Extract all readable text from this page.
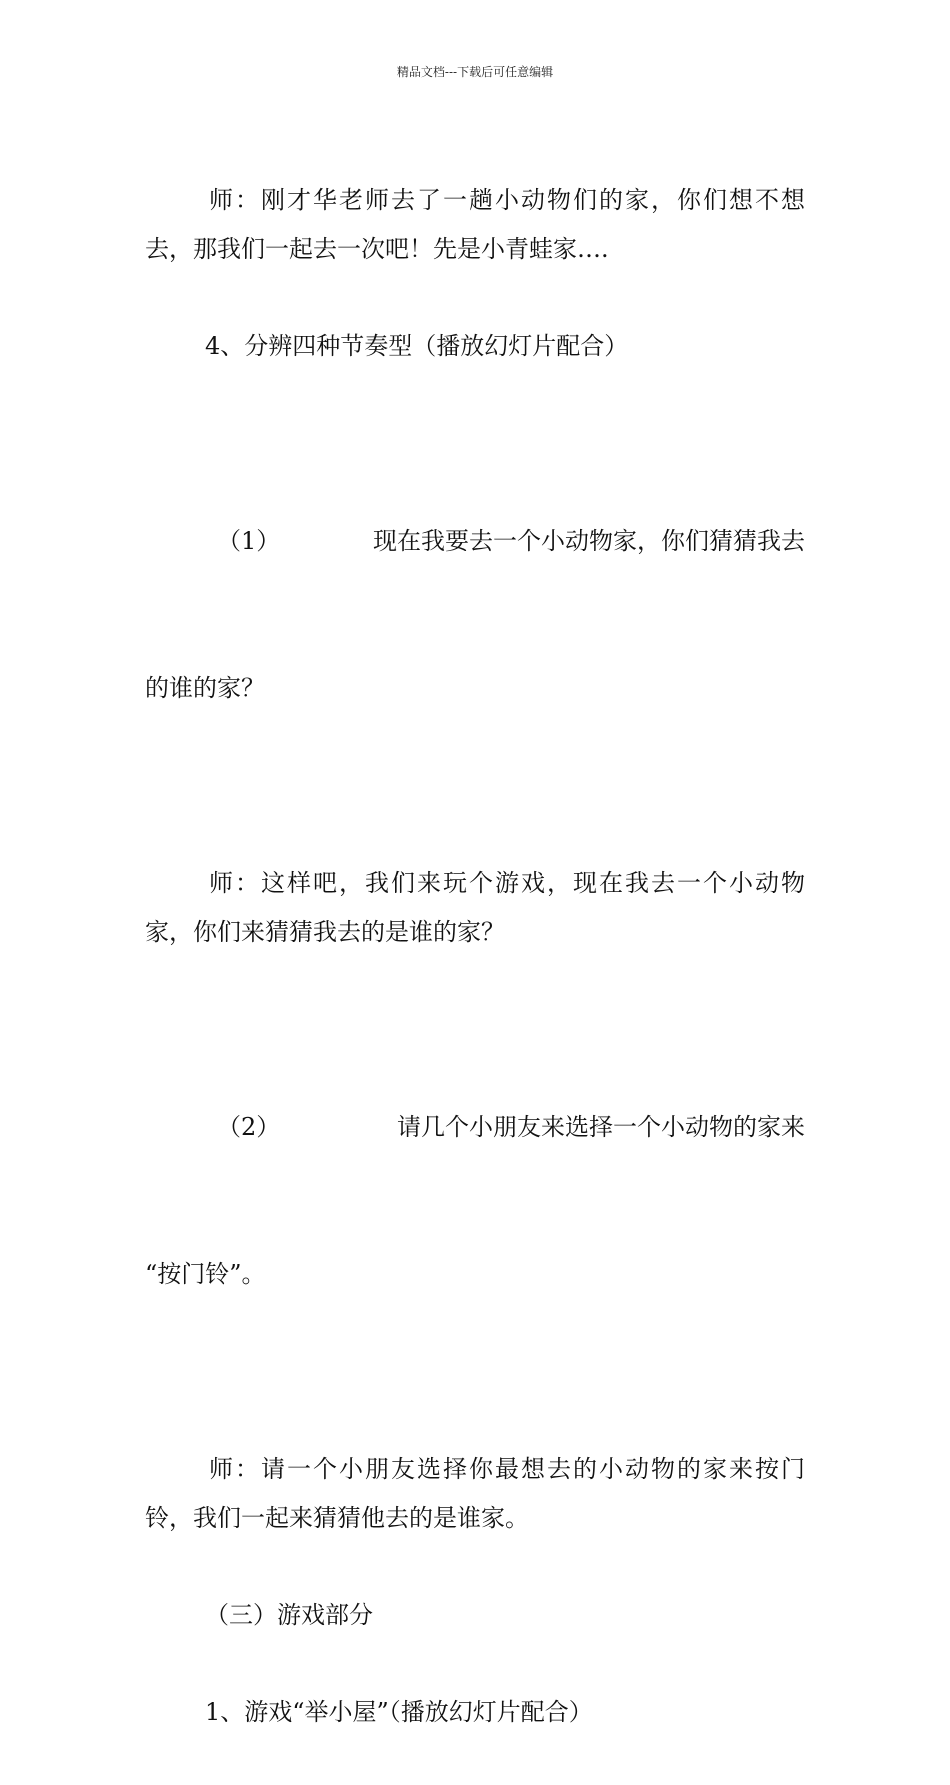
精品文档---下载后可任意编辑

师：刚才华老师去了一趟小动物们的家，你们想不想去，那我们一起去一次吧！先是小青蛙家….

4、分辨四种节奏型（播放幻灯片配合）

（1）	现在我要去一个小动物家，你们猜猜我去

的谁的家？

师：这样吧，我们来玩个游戏，现在我去一个小动物家，你们来猜猜我去的是谁的家？

（2）	请几个小朋友来选择一个小动物的家来

“按门铃”。

师：请一个小朋友选择你最想去的小动物的家来按门铃，我们一起来猜猜他去的是谁家。

（三）游戏部分

1、游戏“举小屋”（播放幻灯片配合）
